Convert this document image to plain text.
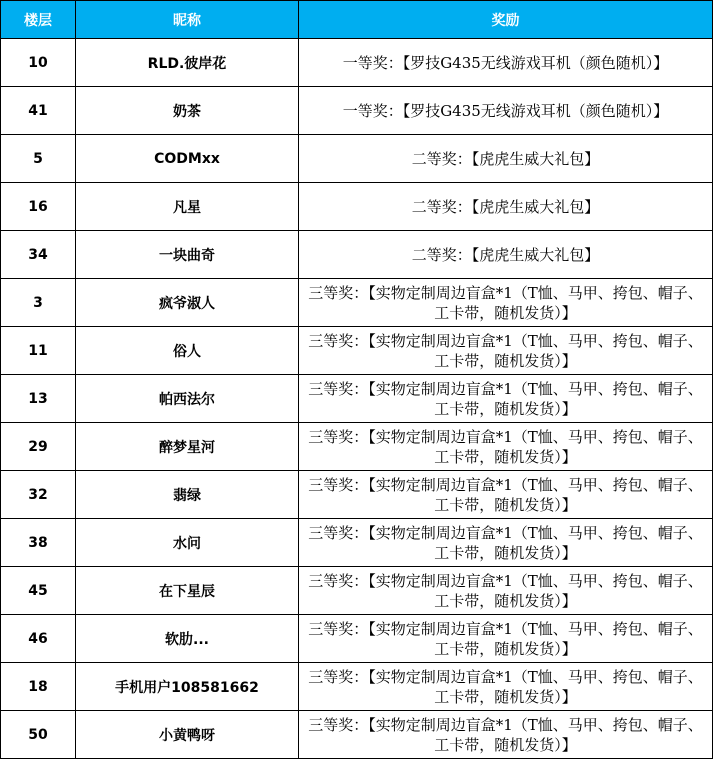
楼层	昵称	奖励
10	RLD.彼岸花	一等奖：【罗技G435无线游戏耳机（颜色随机）】
41	奶茶	一等奖：【罗技G435无线游戏耳机（颜色随机）】
5	CODMxx	二等奖：【虎虎生威大礼包】
16	凡星	二等奖：【虎虎生威大礼包】
34	一块曲奇	二等奖：【虎虎生威大礼包】
3	疯爷淑人	三等奖：【实物定制周边盲盒*1（T恤、马甲、挎包、帽子、工卡带，随机发货）】
11	俗人	三等奖：【实物定制周边盲盒*1（T恤、马甲、挎包、帽子、工卡带，随机发货）】
13	帕西法尔	三等奖：【实物定制周边盲盒*1（T恤、马甲、挎包、帽子、工卡带，随机发货）】
29	醉梦星河	三等奖：【实物定制周边盲盒*1（T恤、马甲、挎包、帽子、工卡带，随机发货）】
32	翡绿	三等奖：【实物定制周边盲盒*1（T恤、马甲、挎包、帽子、工卡带，随机发货）】
38	水问	三等奖：【实物定制周边盲盒*1（T恤、马甲、挎包、帽子、工卡带，随机发货）】
45	在下星辰	三等奖：【实物定制周边盲盒*1（T恤、马甲、挎包、帽子、工卡带，随机发货）】
46	软肋...	三等奖：【实物定制周边盲盒*1（T恤、马甲、挎包、帽子、工卡带，随机发货）】
18	手机用户108581662	三等奖：【实物定制周边盲盒*1（T恤、马甲、挎包、帽子、工卡带，随机发货）】
50	小黄鸭呀	三等奖：【实物定制周边盲盒*1（T恤、马甲、挎包、帽子、工卡带，随机发货）】
